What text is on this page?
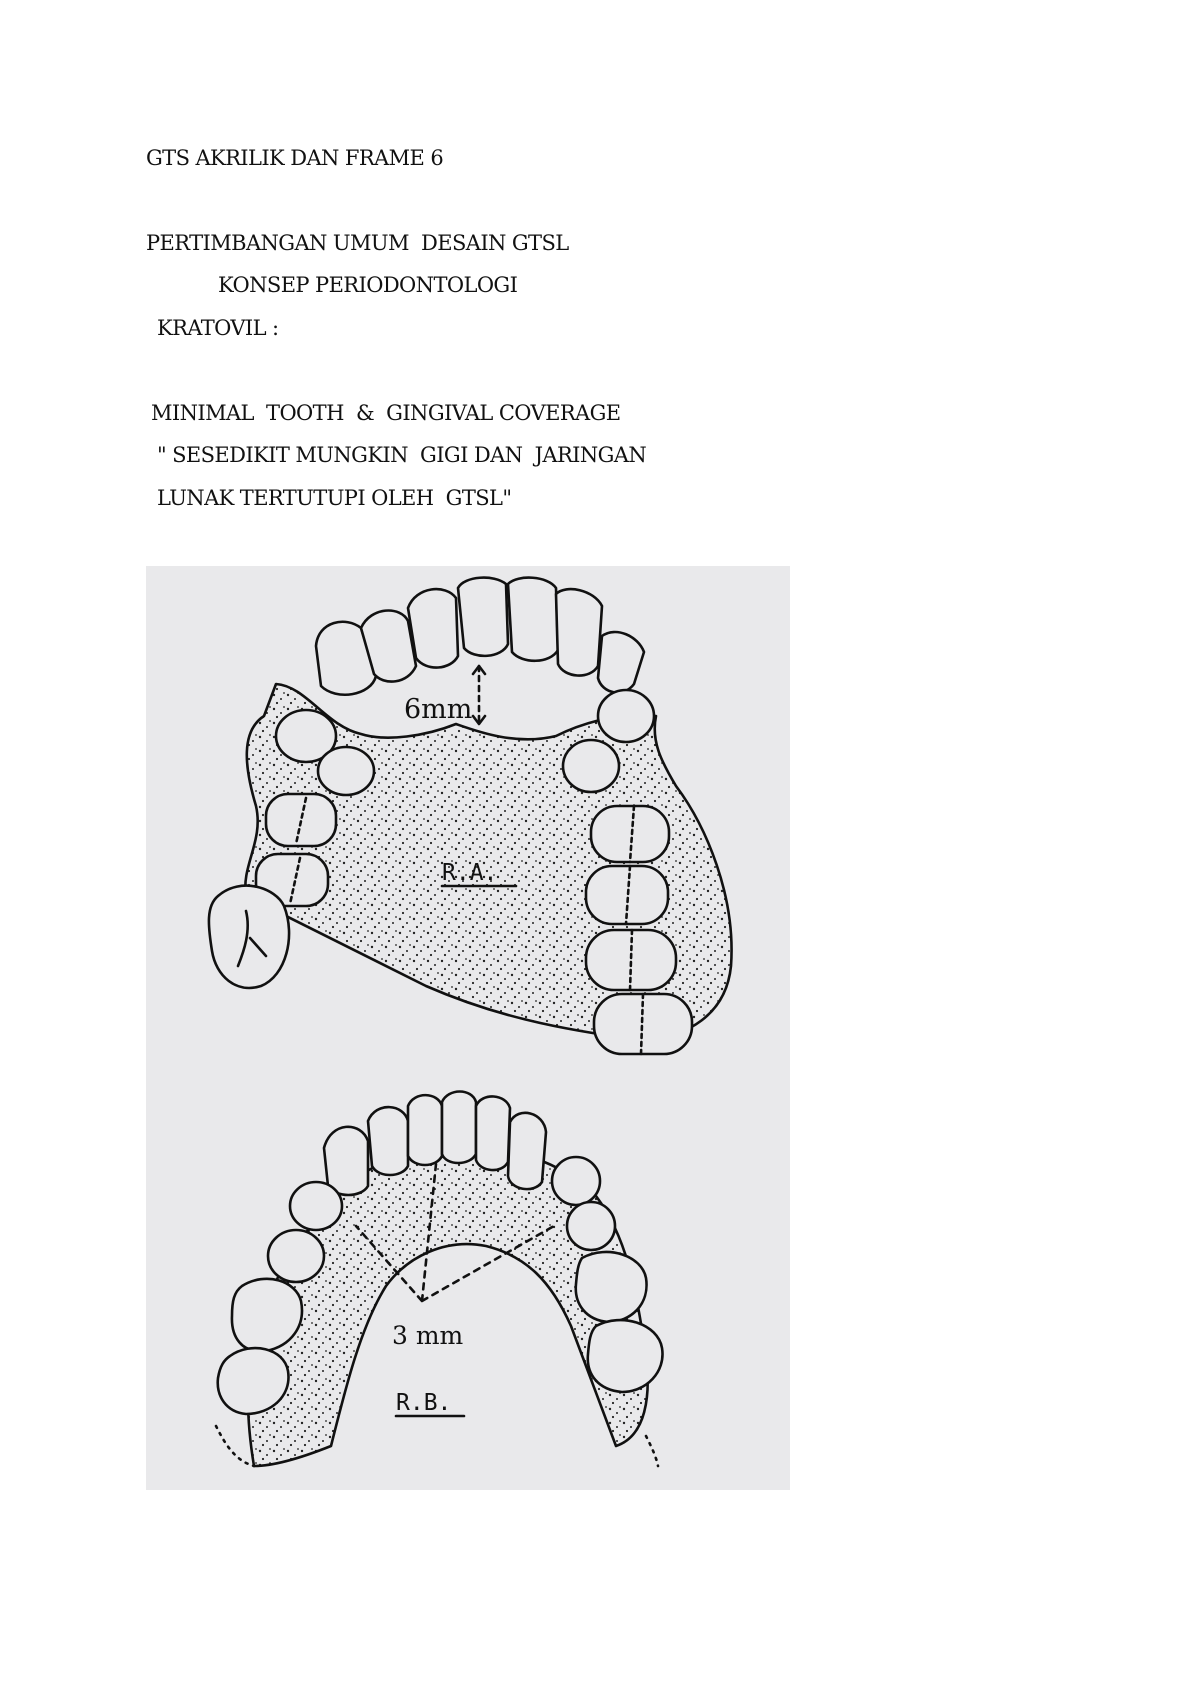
GTS AKRILIK DAN FRAME 6
PERTIMBANGAN UMUM  DESAIN GTSL
KONSEP PERIODONTOLOGI
KRATOVIL :
MINIMAL  TOOTH  &  GINGIVAL COVERAGE
" SESEDIKIT MUNGKIN  GIGI DAN  JARINGAN
LUNAK TERTUTUPI OLEH  GTSL"
6mm
R.A.
3 mm
R.B.
